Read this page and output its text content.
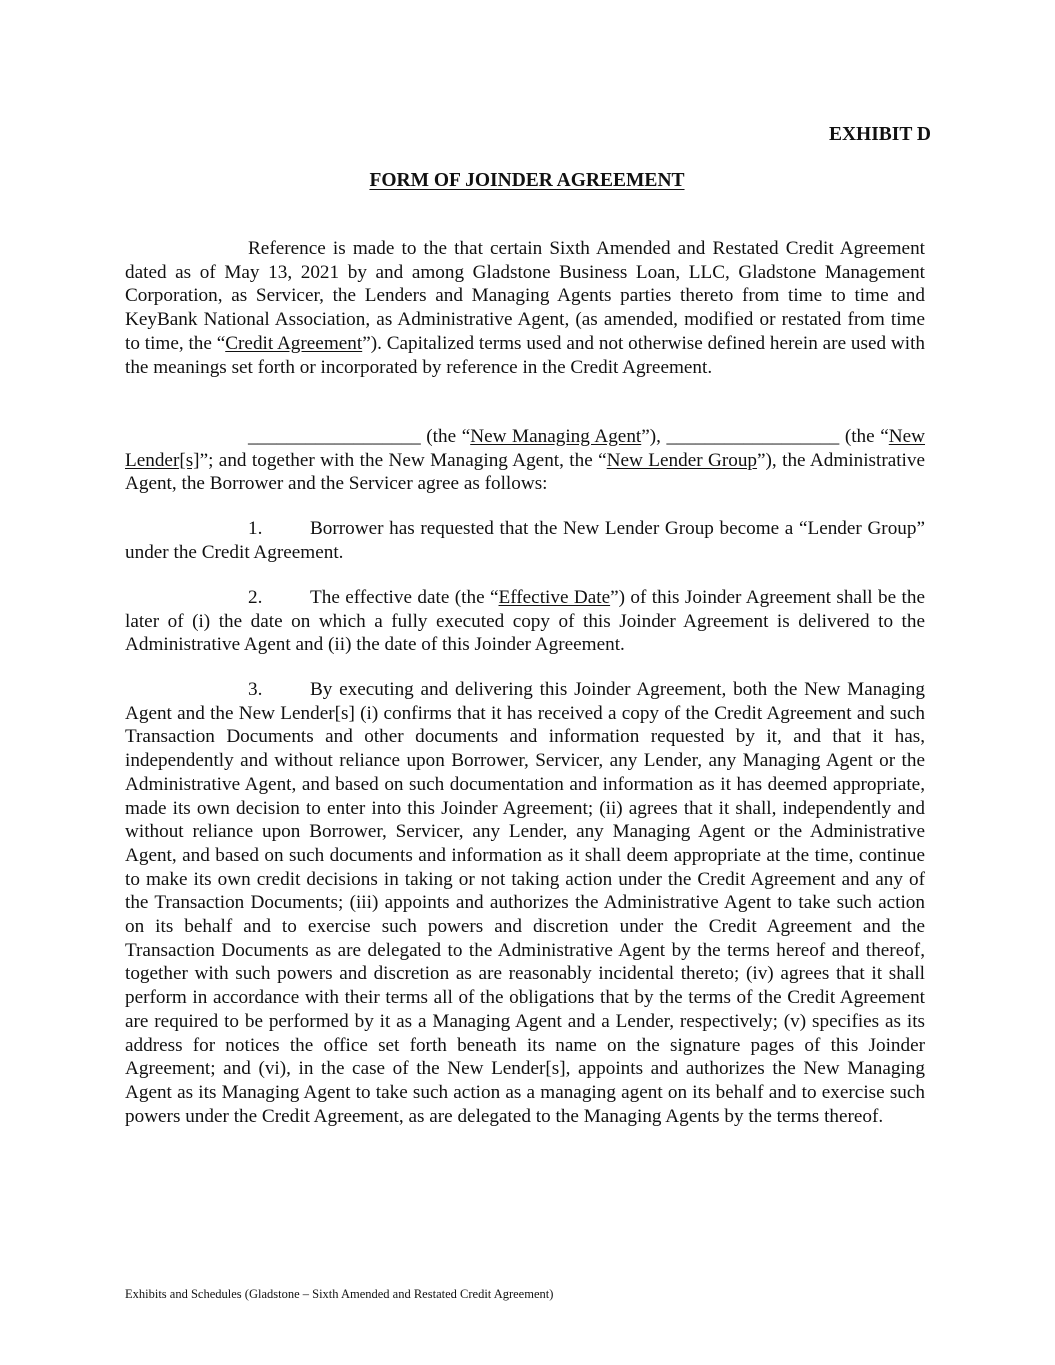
EXHIBIT D
FORM OF JOINDER AGREEMENT

Reference is made to the that certain Sixth Amended and Restated Credit Agreement dated as of May 13, 2021 by and among Gladstone Business Loan, LLC, Gladstone Management Corporation, as Servicer, the Lenders and Managing Agents parties thereto from time to time and KeyBank National Association, as Administrative Agent, (as amended, modified or restated from time to time, the “Credit Agreement”). Capitalized terms used and not otherwise defined herein are used with the meanings set forth or incorporated by reference in the Credit Agreement.

__________________ (the “New Managing Agent”), __________________ (the “New Lender[s]”; and together with the New Managing Agent, the “New Lender Group”), the Administrative Agent, the Borrower and the Servicer agree as follows:

1. Borrower has requested that the New Lender Group become a “Lender Group” under the Credit Agreement.

2. The effective date (the “Effective Date”) of this Joinder Agreement shall be the later of (i) the date on which a fully executed copy of this Joinder Agreement is delivered to the Administrative Agent and (ii) the date of this Joinder Agreement.

3. By executing and delivering this Joinder Agreement, both the New Managing Agent and the New Lender[s] (i) confirms that it has received a copy of the Credit Agreement and such Transaction Documents and other documents and information requested by it, and that it has, independently and without reliance upon Borrower, Servicer, any Lender, any Managing Agent or the Administrative Agent, and based on such documentation and information as it has deemed appropriate, made its own decision to enter into this Joinder Agreement; (ii) agrees that it shall, independently and without reliance upon Borrower, Servicer, any Lender, any Managing Agent or the Administrative Agent, and based on such documents and information as it shall deem appropriate at the time, continue to make its own credit decisions in taking or not taking action under the Credit Agreement and any of the Transaction Documents; (iii) appoints and authorizes the Administrative Agent to take such action on its behalf and to exercise such powers and discretion under the Credit Agreement and the Transaction Documents as are delegated to the Administrative Agent by the terms hereof and thereof, together with such powers and discretion as are reasonably incidental thereto; (iv) agrees that it shall perform in accordance with their terms all of the obligations that by the terms of the Credit Agreement are required to be performed by it as a Managing Agent and a Lender, respectively; (v) specifies as its address for notices the office set forth beneath its name on the signature pages of this Joinder Agreement; and (vi), in the case of the New Lender[s], appoints and authorizes the New Managing Agent as its Managing Agent to take such action as a managing agent on its behalf and to exercise such powers under the Credit Agreement, as are delegated to the Managing Agents by the terms thereof.

Exhibits and Schedules (Gladstone – Sixth Amended and Restated Credit Agreement)
